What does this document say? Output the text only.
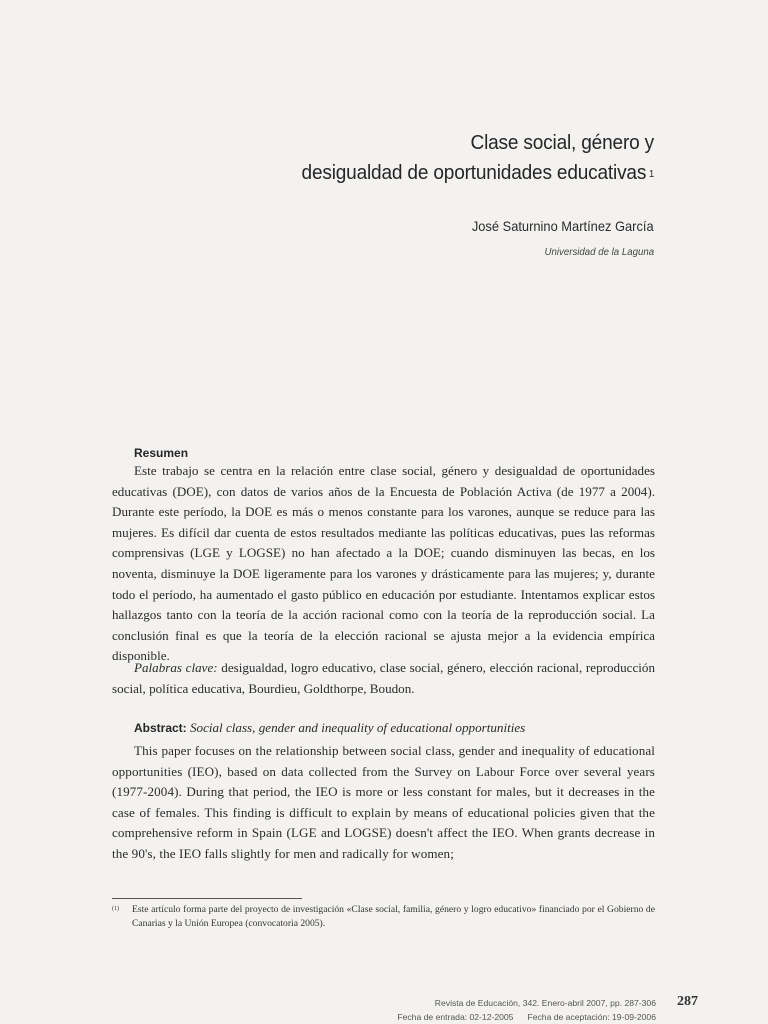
Clase social, género y
desigualdad de oportunidades educativas $^1$
José Saturnino Martínez García
Universidad de la Laguna
Resumen

Este trabajo se centra en la relación entre clase social, género y desigualdad de oportunidades educativas (DOE), con datos de varios años de la Encuesta de Población Activa (de 1977 a 2004). Durante este período, la DOE es más o menos constante para los varones, aunque se reduce para las mujeres. Es difícil dar cuenta de estos resultados mediante las políticas educativas, pues las reformas comprensivas (LGE y LOGSE) no han afectado a la DOE; cuando disminuyen las becas, en los noventa, disminuye la DOE ligeramente para los varones y drásticamente para las mujeres; y, durante todo el período, ha aumentado el gasto público en educación por estudiante. Intentamos explicar estos hallazgos tanto con la teoría de la acción racional como con la teoría de la reproducción social. La conclusión final es que la teoría de la elección racional se ajusta mejor a la evidencia empírica disponible.

Palabras clave: desigualdad, logro educativo, clase social, género, elección racional, reproducción social, política educativa, Bourdieu, Goldthorpe, Boudon.

Abstract: Social class, gender and inequality of educational opportunities

This paper focuses on the relationship between social class, gender and inequality of educational opportunities (IEO), based on data collected from the Survey on Labour Force over several years (1977-2004). During that period, the IEO is more or less constant for males, but it decreases in the case of females. This finding is difficult to explain by means of educational policies given that the comprehensive reform in Spain (LGE and LOGSE) doesn't affect the IEO. When grants decrease in the 90's, the IEO falls slightly for men and radically for women;

(1) Este artículo forma parte del proyecto de investigación «Clase social, familia, género y logro educativo» financiado por el Gobierno de Canarias y la Unión Europea (convocatoria 2005).
Revista de Educación, 342. Enero-abril 2007, pp. 287-306
Fecha de entrada: 02-12-2005 Fecha de aceptación: 19-09-2006
287
